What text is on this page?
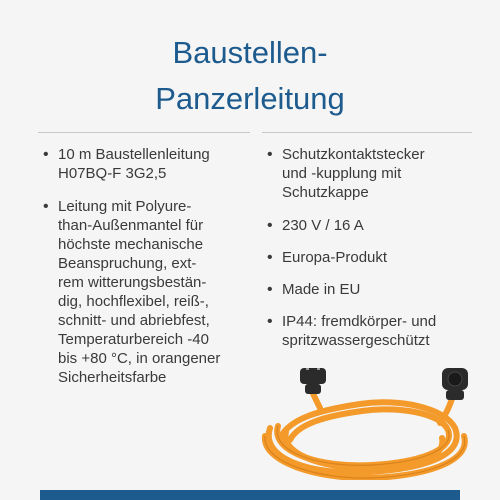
Baustellen-
Panzerleitung
• 10 m Baustellenleitung
H07BQ-F 3G2,5
• Leitung mit Polyure-
than-Außenmantel für
höchste mechanische
Beanspruchung, ext-
rem witterungsbestän-
dig, hochflexibel, reiß-,
schnitt- und abriebfest,
Temperaturbereich -40
bis +80 °C, in orangener
Sicherheitsfarbe
• Schutzkontaktstecker
und -kupplung mit
Schutzkappe
• 230 V / 16 A
• Europa-Produkt
• Made in EU
• IP44: fremdkörper- und
spritzwassergeschützt
